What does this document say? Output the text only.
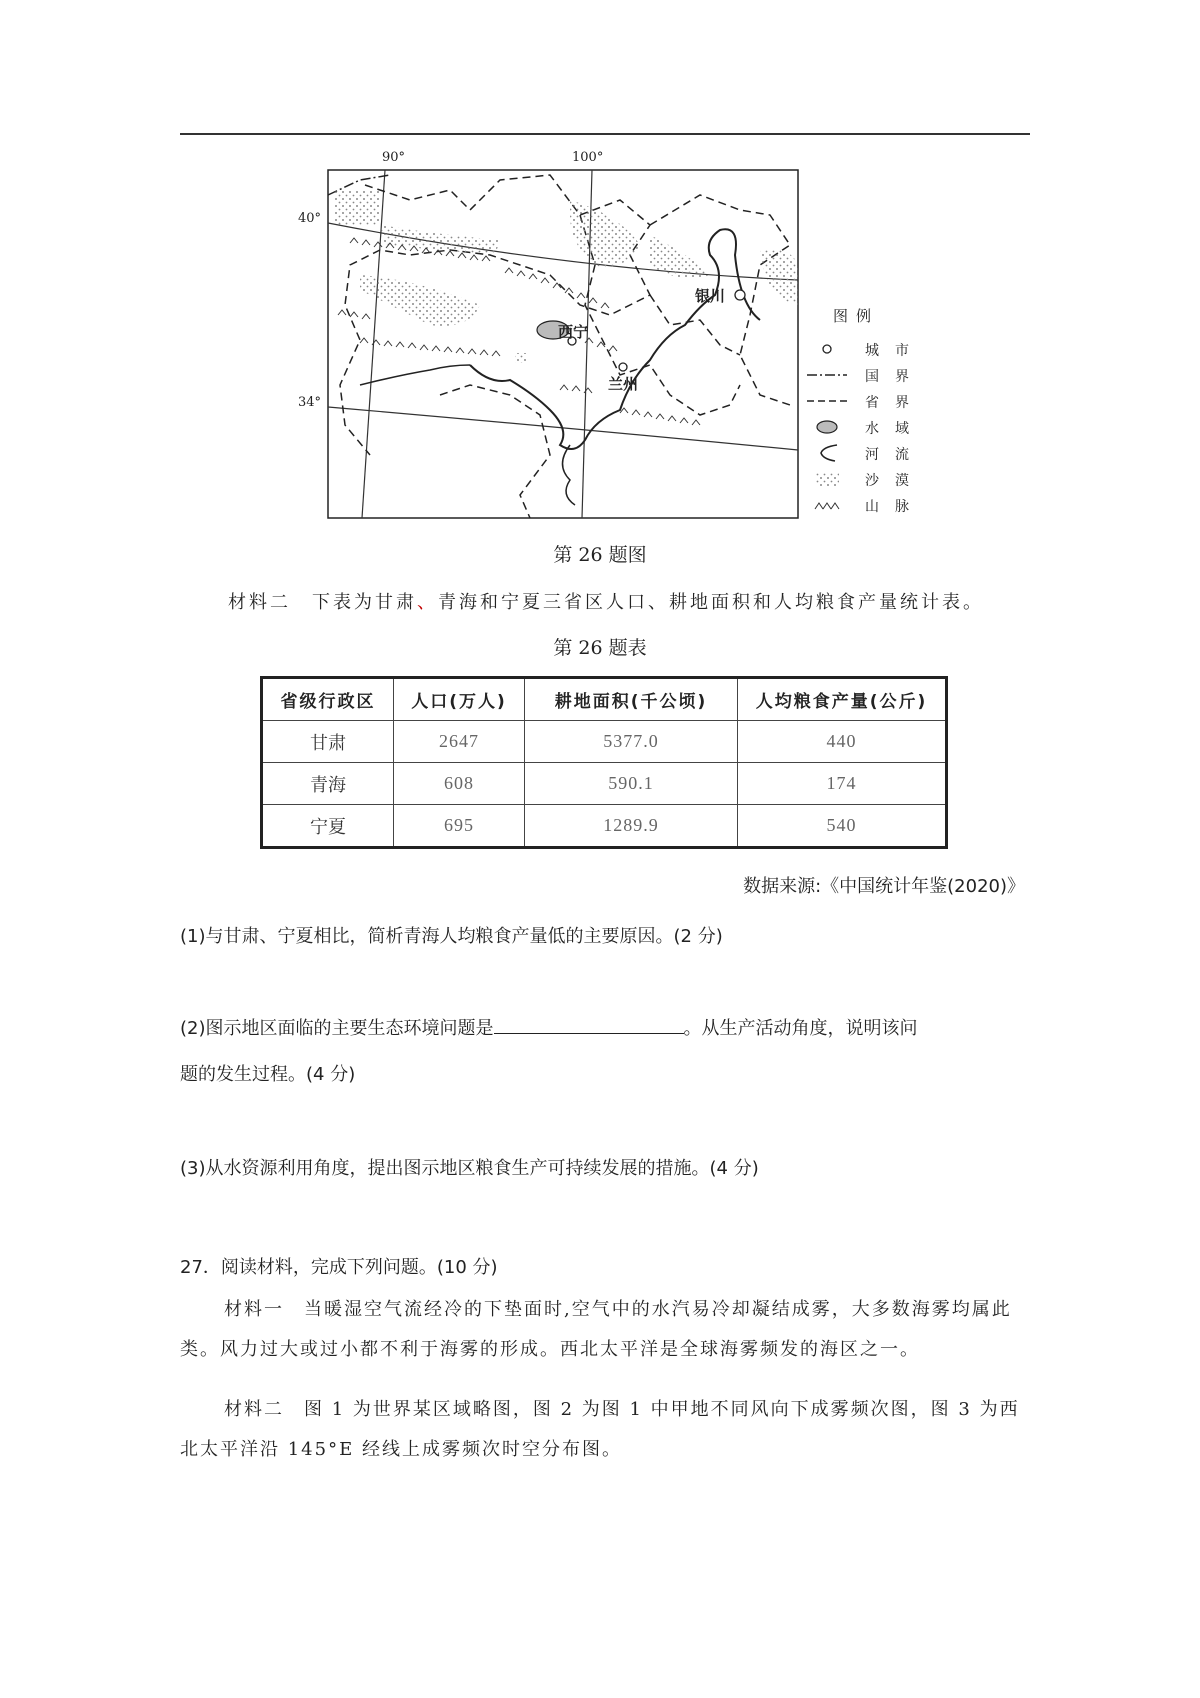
90°	100°
40°
34°
银川
西宁
兰州
图例
城市
国界
省界
水域
河流
沙漠
山脉
第 26 题图
材料二　下表为甘肃、青海和宁夏三省区人口、耕地面积和人均粮食产量统计表。
第 26 题表
省级行政区	人口(万人)	耕地面积(千公顷)	人均粮食产量(公斤)
甘肃	2647	5377.0	440
青海	608	590.1	174
宁夏	695	1289.9	540
数据来源:《中国统计年鉴(2020)》
(1)与甘肃、宁夏相比，简析青海人均粮食产量低的主要原因。(2 分)
(2)图示地区面临的主要生态环境问题是	。从生产活动角度，说明该问
题的发生过程。(4 分)
(3)从水资源利用角度，提出图示地区粮食生产可持续发展的措施。(4 分)
27．阅读材料，完成下列问题。(10 分)
材料一　当暖湿空气流经冷的下垫面时,空气中的水汽易冷却凝结成雾，大多数海雾均属此类。风力过大或过小都不利于海雾的形成。西北太平洋是全球海雾频发的海区之一。
材料二　图 1 为世界某区域略图，图 2 为图 1 中甲地不同风向下成雾频次图，图 3 为西北太平洋沿 145°E 经线上成雾频次时空分布图。
